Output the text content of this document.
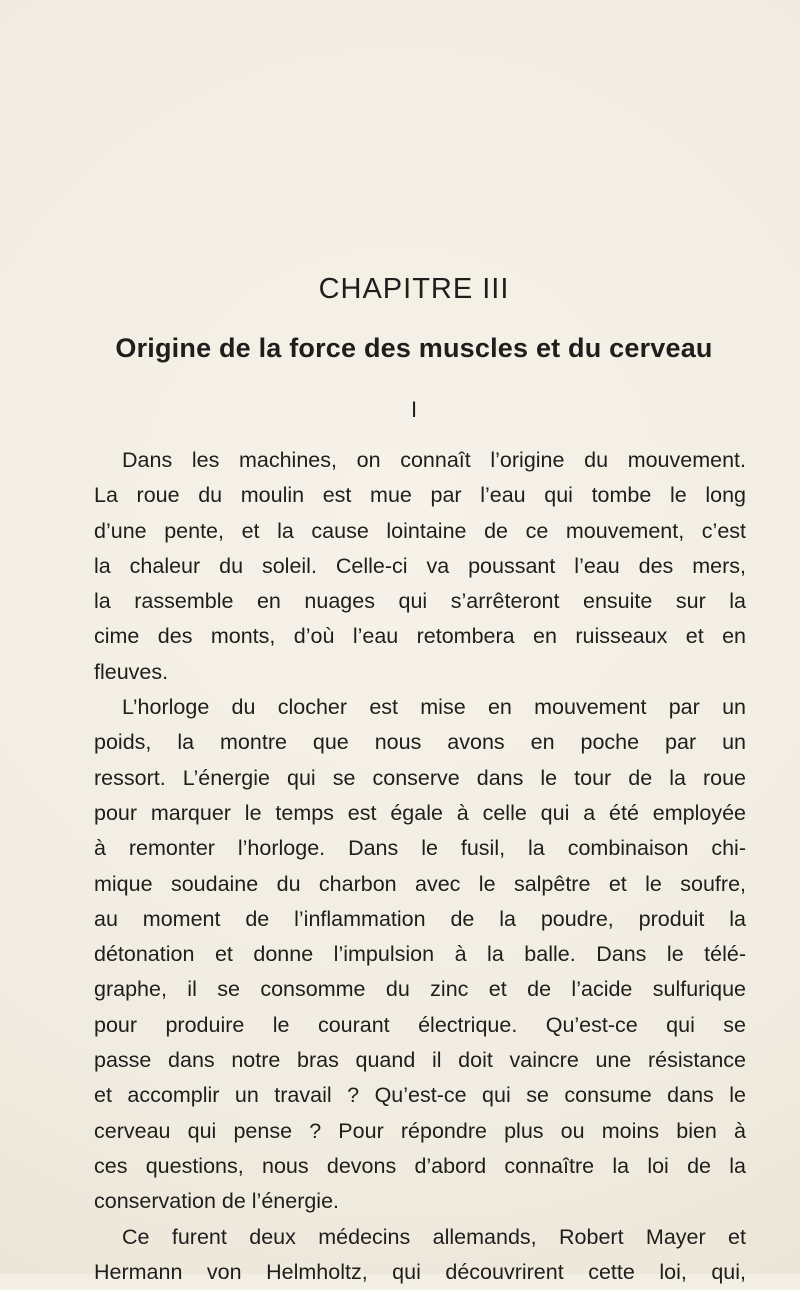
CHAPITRE III
Origine de la force des muscles et du cerveau
I
Dans les machines, on connaît l’origine du mouvement.
La roue du moulin est mue par l’eau qui tombe le long
d’une pente, et la cause lointaine de ce mouvement, c’est
la chaleur du soleil. Celle-ci va poussant l’eau des mers,
la rassemble en nuages qui s’arrêteront ensuite sur la
cime des monts, d’où l’eau retombera en ruisseaux et en
fleuves.
L’horloge du clocher est mise en mouvement par un
poids, la montre que nous avons en poche par un
ressort. L’énergie qui se conserve dans le tour de la roue
pour marquer le temps est égale à celle qui a été employée
à remonter l’horloge. Dans le fusil, la combinaison chi-
mique soudaine du charbon avec le salpêtre et le soufre,
au moment de l’inflammation de la poudre, produit la
détonation et donne l’impulsion à la balle. Dans le télé-
graphe, il se consomme du zinc et de l’acide sulfurique
pour produire le courant électrique. Qu’est-ce qui se
passe dans notre bras quand il doit vaincre une résistance
et accomplir un travail ? Qu’est-ce qui se consume dans le
cerveau qui pense ? Pour répondre plus ou moins bien à
ces questions, nous devons d’abord connaître la loi de la
conservation de l’énergie.
Ce furent deux médecins allemands, Robert Mayer et
Hermann von Helmholtz, qui découvrirent cette loi, qui,
